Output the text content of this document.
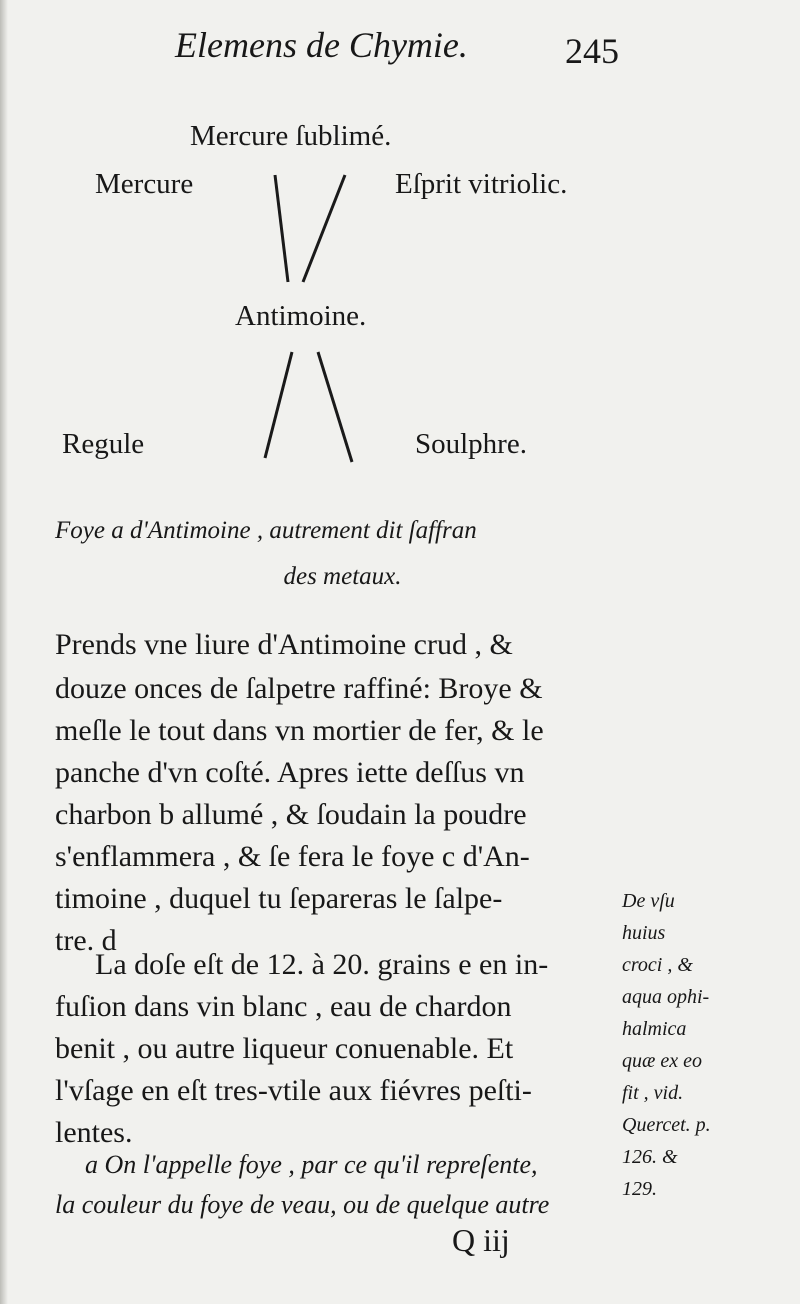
Elemens de Chymie.	245
Mercure ſublimé.
Mercure	Eſprit vitriolic.
Antimoine.
Regule	Soulphre.
Foye a d'Antimoine , autrement dit ſaffran
des metaux.
Prends vne liure d'Antimoine crud , &
douze onces de ſalpetre raffiné: Broye &
meſle le tout dans vn mortier de fer, & le
panche d'vn coſté. Apres iette deſſus vn
charbon b allumé , & ſoudain la poudre
s'enflammera , & ſe fera le foye c d'An-
timoine , duquel tu ſepareras le ſalpe-
tre. d
La doſe eſt de 12. à 20. grains e en in-
fuſion dans vin blanc , eau de chardon
benit , ou autre liqueur conuenable. Et
l'vſage en eſt tres-vtile aux fiévres peſti-
lentes.
a On l'appelle foye , par ce qu'il repreſente,
la couleur du foye de veau, ou de quelque autre
De vſu
huius
croci , &
aqua ophi-
halmica
quæ ex eo
fit , vid.
Quercet. p.
126. &
129.
Q iij
